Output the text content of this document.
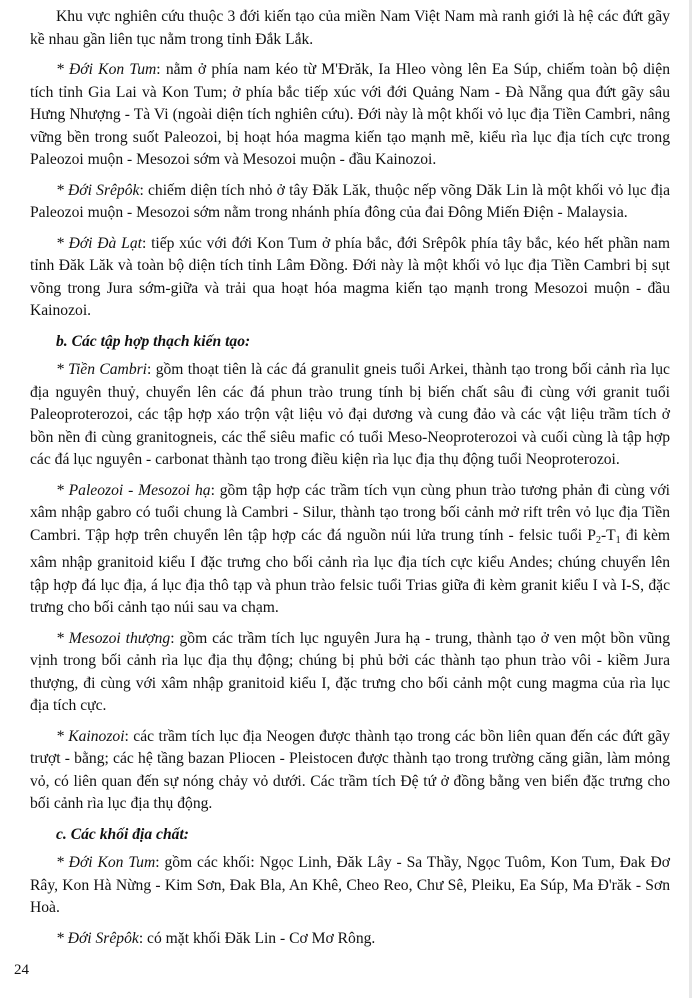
Khu vực nghiên cứu thuộc 3 đới kiến tạo của miền Nam Việt Nam mà ranh giới là hệ các đứt gãy kề nhau gần liên tục nằm trong tỉnh Đắk Lắk.

* Đới Kon Tum: nằm ở phía nam kéo từ M'Đrăk, Ia Hleo vòng lên Ea Súp, chiếm toàn bộ diện tích tỉnh Gia Lai và Kon Tum; ở phía bắc tiếp xúc với đới Quảng Nam - Đà Nẵng qua đứt gãy sâu Hưng Nhượng - Tà Vi (ngoài diện tích nghiên cứu). Đới này là một khối vỏ lục địa Tiền Cambri, nâng vững bền trong suốt Paleozoi, bị hoạt hóa magma kiến tạo mạnh mẽ, kiểu rìa lục địa tích cực trong Paleozoi muộn - Mesozoi sớm và Mesozoi muộn - đầu Kainozoi.

* Đới Srêpôk: chiếm diện tích nhỏ ở tây Đăk Lăk, thuộc nếp võng Dăk Lin là một khối vỏ lục địa Paleozoi muộn - Mesozoi sớm nằm trong nhánh phía đông của đai Đông Miến Điện - Malaysia.

* Đới Đà Lạt: tiếp xúc với đới Kon Tum ở phía bắc, đới Srêpôk phía tây bắc, kéo hết phần nam tỉnh Đăk Lăk và toàn bộ diện tích tỉnh Lâm Đồng. Đới này là một khối vỏ lục địa Tiền Cambri bị sụt võng trong Jura sớm-giữa và trải qua hoạt hóa magma kiến tạo mạnh trong Mesozoi muộn - đầu Kainozoi.

b. Các tập hợp thạch kiến tạo:

* Tiền Cambri: gồm thoạt tiên là các đá granulit gneis tuổi Arkei, thành tạo trong bối cảnh rìa lục địa nguyên thuỷ, chuyển lên các đá phun trào trung tính bị biến chất sâu đi cùng với granit tuổi Paleoproterozoi, các tập hợp xáo trộn vật liệu vỏ đại dương và cung đảo và các vật liệu trầm tích ở bồn nền đi cùng granitogneis, các thể siêu mafic có tuổi Meso-Neoproterozoi và cuối cùng là tập hợp các đá lục nguyên - carbonat thành tạo trong điều kiện rìa lục địa thụ động tuổi Neoproterozoi.

* Paleozoi - Mesozoi hạ: gồm tập hợp các trầm tích vụn cùng phun trào tương phản đi cùng với xâm nhập gabro có tuổi chung là Cambri - Silur, thành tạo trong bối cảnh mở rift trên vỏ lục địa Tiền Cambri. Tập hợp trên chuyển lên tập hợp các đá nguồn núi lửa trung tính - felsic tuổi $P_2-T_1$ đi kèm xâm nhập granitoid kiểu I đặc trưng cho bối cảnh rìa lục địa tích cực kiểu Andes; chúng chuyển lên tập hợp đá lục địa, á lục địa thô tạp và phun trào felsic tuổi Trias giữa đi kèm granit kiểu I và I-S, đặc trưng cho bối cảnh tạo núi sau va chạm.

* Mesozoi thượng: gồm các trầm tích lục nguyên Jura hạ - trung, thành tạo ở ven một bồn vũng vịnh trong bối cảnh rìa lục địa thụ động; chúng bị phủ bởi các thành tạo phun trào vôi - kiềm Jura thượng, đi cùng với xâm nhập granitoid kiểu I, đặc trưng cho bối cảnh một cung magma của rìa lục địa tích cực.

* Kainozoi: các trầm tích lục địa Neogen được thành tạo trong các bồn liên quan đến các đứt gãy trượt - bằng; các hệ tầng bazan Pliocen - Pleistocen được thành tạo trong trường căng giãn, làm mỏng vỏ, có liên quan đến sự nóng chảy vỏ dưới. Các trầm tích Đệ tứ ở đồng bằng ven biển đặc trưng cho bối cảnh rìa lục địa thụ động.

c. Các khối địa chất:

* Đới Kon Tum: gồm các khối: Ngọc Linh, Đăk Lây - Sa Thầy, Ngọc Tuôm, Kon Tum, Đak Đơ Rây, Kon Hà Nừng - Kim Sơn, Đak Bla, An Khê, Cheo Reo, Chư Sê, Pleiku, Ea Súp, Ma Đ'răk - Sơn Hoà.

* Đới Srêpôk: có mặt khối Đăk Lin - Cơ Mơ Rông.

24
